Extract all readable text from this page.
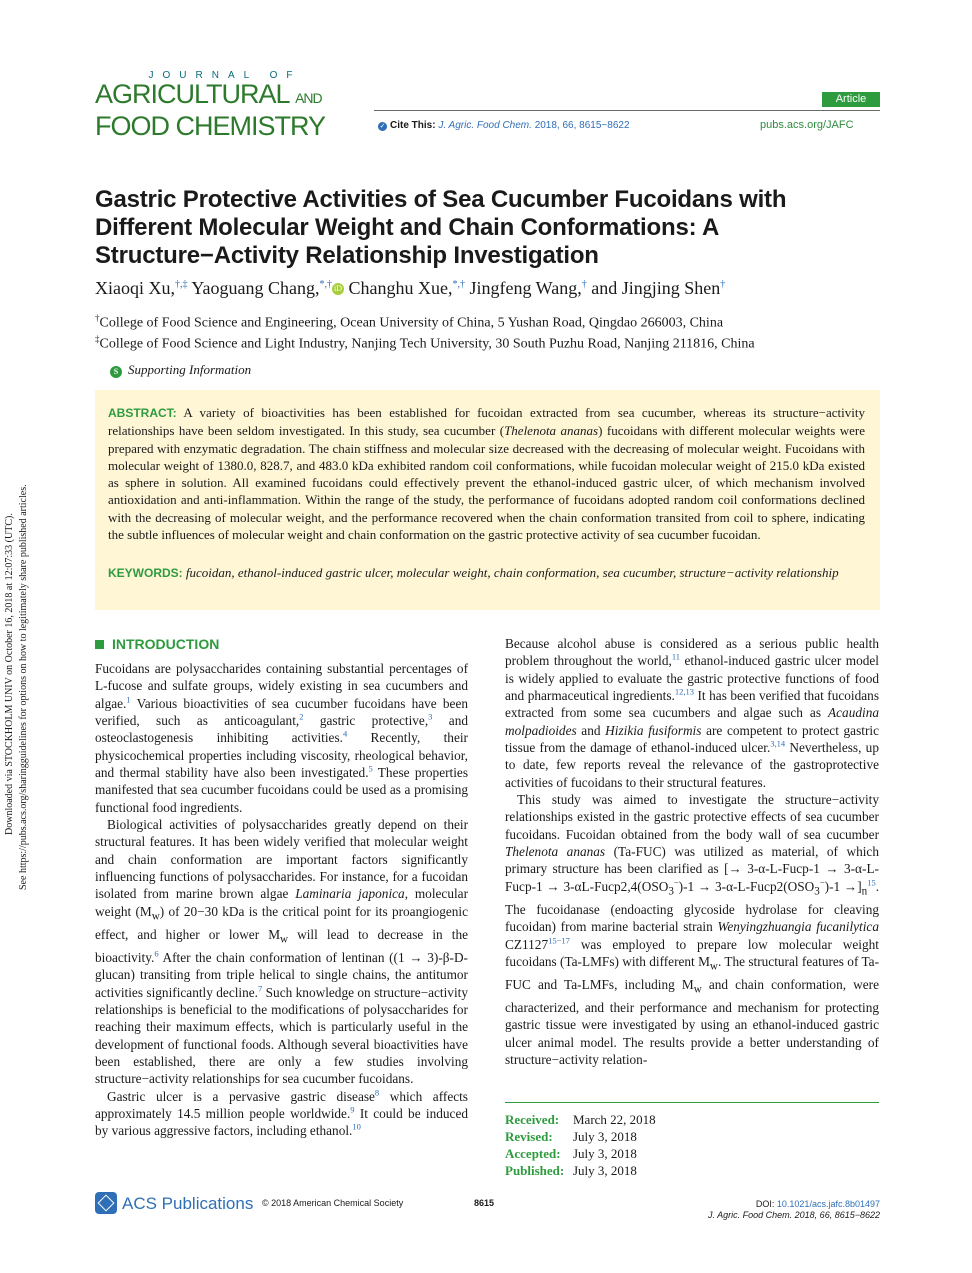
JOURNAL OF
AGRICULTURAL AND
FOOD CHEMISTRY
Article
✓ Cite This: J. Agric. Food Chem. 2018, 66, 8615−8622	pubs.acs.org/JAFC
Gastric Protective Activities of Sea Cucumber Fucoidans with Different Molecular Weight and Chain Conformations: A Structure−Activity Relationship Investigation
Xiaoqi Xu,†,‡ Yaoguang Chang,*,† iD Changhu Xue,*,† Jingfeng Wang,† and Jingjing Shen†
†College of Food Science and Engineering, Ocean University of China, 5 Yushan Road, Qingdao 266003, China
‡College of Food Science and Light Industry, Nanjing Tech University, 30 South Puzhu Road, Nanjing 211816, China
S Supporting Information
ABSTRACT: A variety of bioactivities has been established for fucoidan extracted from sea cucumber, whereas its structure−activity relationships have been seldom investigated. In this study, sea cucumber (Thelenota ananas) fucoidans with different molecular weights were prepared with enzymatic degradation. The chain stiffness and molecular size decreased with the decreasing of molecular weight. Fucoidans with molecular weight of 1380.0, 828.7, and 483.0 kDa exhibited random coil conformations, while fucoidan molecular weight of 215.0 kDa existed as sphere in solution. All examined fucoidans could effectively prevent the ethanol-induced gastric ulcer, of which mechanism involved antioxidation and anti-inflammation. Within the range of the study, the performance of fucoidans adopted random coil conformations declined with the decreasing of molecular weight, and the performance recovered when the chain conformation transited from coil to sphere, indicating the subtle influences of molecular weight and chain conformation on the gastric protective activity of sea cucumber fucoidan.
KEYWORDS: fucoidan, ethanol-induced gastric ulcer, molecular weight, chain conformation, sea cucumber, structure−activity relationship
Downloaded via STOCKHOLM UNIV on October 16, 2018 at 12:07:33 (UTC). See https://pubs.acs.org/sharingguidelines for options on how to legitimately share published articles.	INTRODUCTION

Fucoidans are polysaccharides containing substantial percentages of L-fucose and sulfate groups, widely existing in sea cucumbers and algae.$^1$ Various bioactivities of sea cucumber fucoidans have been verified, such as anticoagulant,$^2$ gastric protective,$^3$ and osteoclastogenesis inhibiting activities.$^4$ Recently, their physicochemical properties including viscosity, rheological behavior, and thermal stability have also been investigated.$^5$ These properties manifested that sea cucumber fucoidans could be used as a promising functional food ingredients.

Biological activities of polysaccharides greatly depend on their structural features. It has been widely verified that molecular weight and chain conformation are important factors significantly influencing functions of polysaccharides. For instance, for a fucoidan isolated from marine brown algae Laminaria japonica, molecular weight $(M_w)$ of 20−30 kDa is the critical point for its proangiogenic effect, and higher or lower $M_w$ will lead to decrease in the bioactivity.$^6$ After the chain conformation of lentinan ((1 → 3)-β-D-glucan) transiting from triple helical to single chains, the antitumor activities significantly decline.$^7$ Such knowledge on structure−activity relationships is beneficial to the modifications of polysaccharides for reaching their maximum effects, which is particularly useful in the development of functional foods. Although several bioactivities have been established, there are only a few studies involving structure−activity relationships for sea cucumber fucoidans.

Gastric ulcer is a pervasive gastric disease$^8$ which affects approximately 14.5 million people worldwide.$^9$ It could be induced by various aggressive factors, including ethanol.$^{10}$

Because alcohol abuse is considered as a serious public health problem throughout the world,$^{11}$ ethanol-induced gastric ulcer model is widely applied to evaluate the gastric protective functions of food and pharmaceutical ingredients.$^{12,13}$ It has been verified that fucoidans extracted from some sea cucumbers and algae such as Acaudina molpadioides and Hizikia fusiformis are competent to protect gastric tissue from the damage of ethanol-induced ulcer.$^{3,14}$ Nevertheless, up to date, few reports reveal the relevance of the gastroprotective activities of fucoidans to their structural features.

This study was aimed to investigate the structure−activity relationships existed in the gastric protective effects of sea cucumber fucoidans. Fucoidan obtained from the body wall of sea cucumber Thelenota ananas (Ta-FUC) was utilized as material, of which primary structure has been clarified as [→ 3-α-L-Fucp-1 → 3-α-L-Fucp-1 → $3-\alpha L-Fucp2,4(OSO_3^-)-1$ → $3-\alpha-L-Fucp2(OSO_3^-)-1 \to]_n^{15}$. The fucoidanase (endoacting glycoside hydrolase for cleaving fucoidan) from marine bacterial strain Wenyingzhuangia fucanilytica $CZ1127^{15-17}$ was employed to prepare low molecular weight fucoidans (Ta-LMFs) with different $M_w$. The structural features of Ta-FUC and Ta-LMFs, including $M_w$ and chain conformation, were characterized, and their performance and mechanism for protecting gastric tissue were investigated by using an ethanol-induced gastric ulcer animal model. The results provide a better understanding of structure−activity relation-

Received: March 22, 2018
Revised: July 3, 2018
Accepted: July 3, 2018
Published: July 3, 2018
ACS Publications © 2018 American Chemical Society	8615	DOI: 10.1021/acs.jafc.8b01497
J. Agric. Food Chem. 2018, 66, 8615−8622
